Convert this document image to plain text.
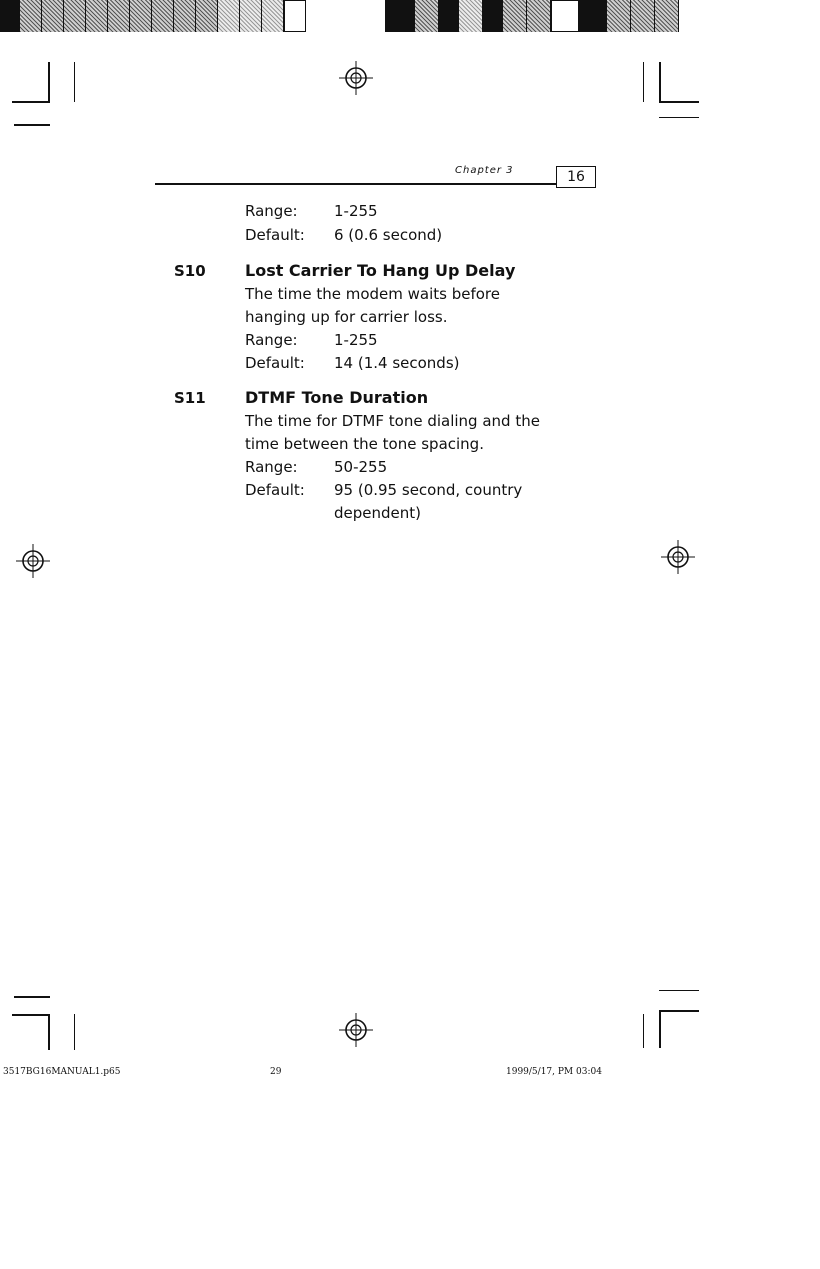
Chapter 3	16
Range: 1-255
Default: 6 (0.6 second)
S10 Lost Carrier To Hang Up Delay
The time the modem waits before
hanging up for carrier loss.
Range: 1-255
Default: 14 (1.4 seconds)
S11 DTMF Tone Duration
The time for DTMF tone dialing and the
time between the tone spacing.
Range: 50-255
Default: 95 (0.95 second, country
dependent)
3517BG16MANUAL1.p65	29	1999/5/17, PM 03:04
